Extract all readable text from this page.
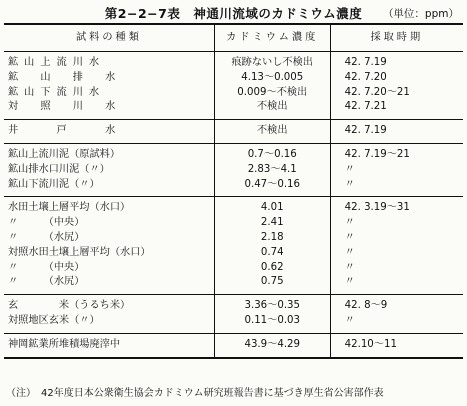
第2−2−7表　神通川流域のカドミウム濃度	（単位：ppm）
試料の種類	カドミウム濃度	採取時期
鉱山上流川水	痕跡ないし不検出	42. 7.19
鉱　山　排　水	4.13〜0.005	42. 7.20
鉱山下流川水	0.009〜不検出	42. 7.20〜21
対　照　川　水	不検出	42. 7.21
井　　戸　　水	不検出	42. 7.19
鉱山上流川泥（原試料）	0.7〜0.16	42. 7.19〜21
鉱山排水口川泥（〃）	2.83〜4.1	〃
鉱山下流川泥（〃）	0.47〜0.16	〃
水田土壌上層平均（水口）	4.01	42. 3.19〜31
〃　　　（中央）	2.41	〃
〃　　　（水尻）	2.18	〃
対照水田土壌上層平均（水口）	0.74	〃
〃　　　（中央）	0.62	〃
〃　　　（水尻）	0.75	〃
玄　　　　米（うるち米）	3.36〜0.35	42. 8〜9
対照地区玄米（〃）	0.11〜0.03	〃
神岡鉱業所堆積場廃滓中	43.9〜4.29	42.10〜11
（注）　42年度日本公衆衛生協会カドミウム研究班報告書に基づき厚生省公害部作表
